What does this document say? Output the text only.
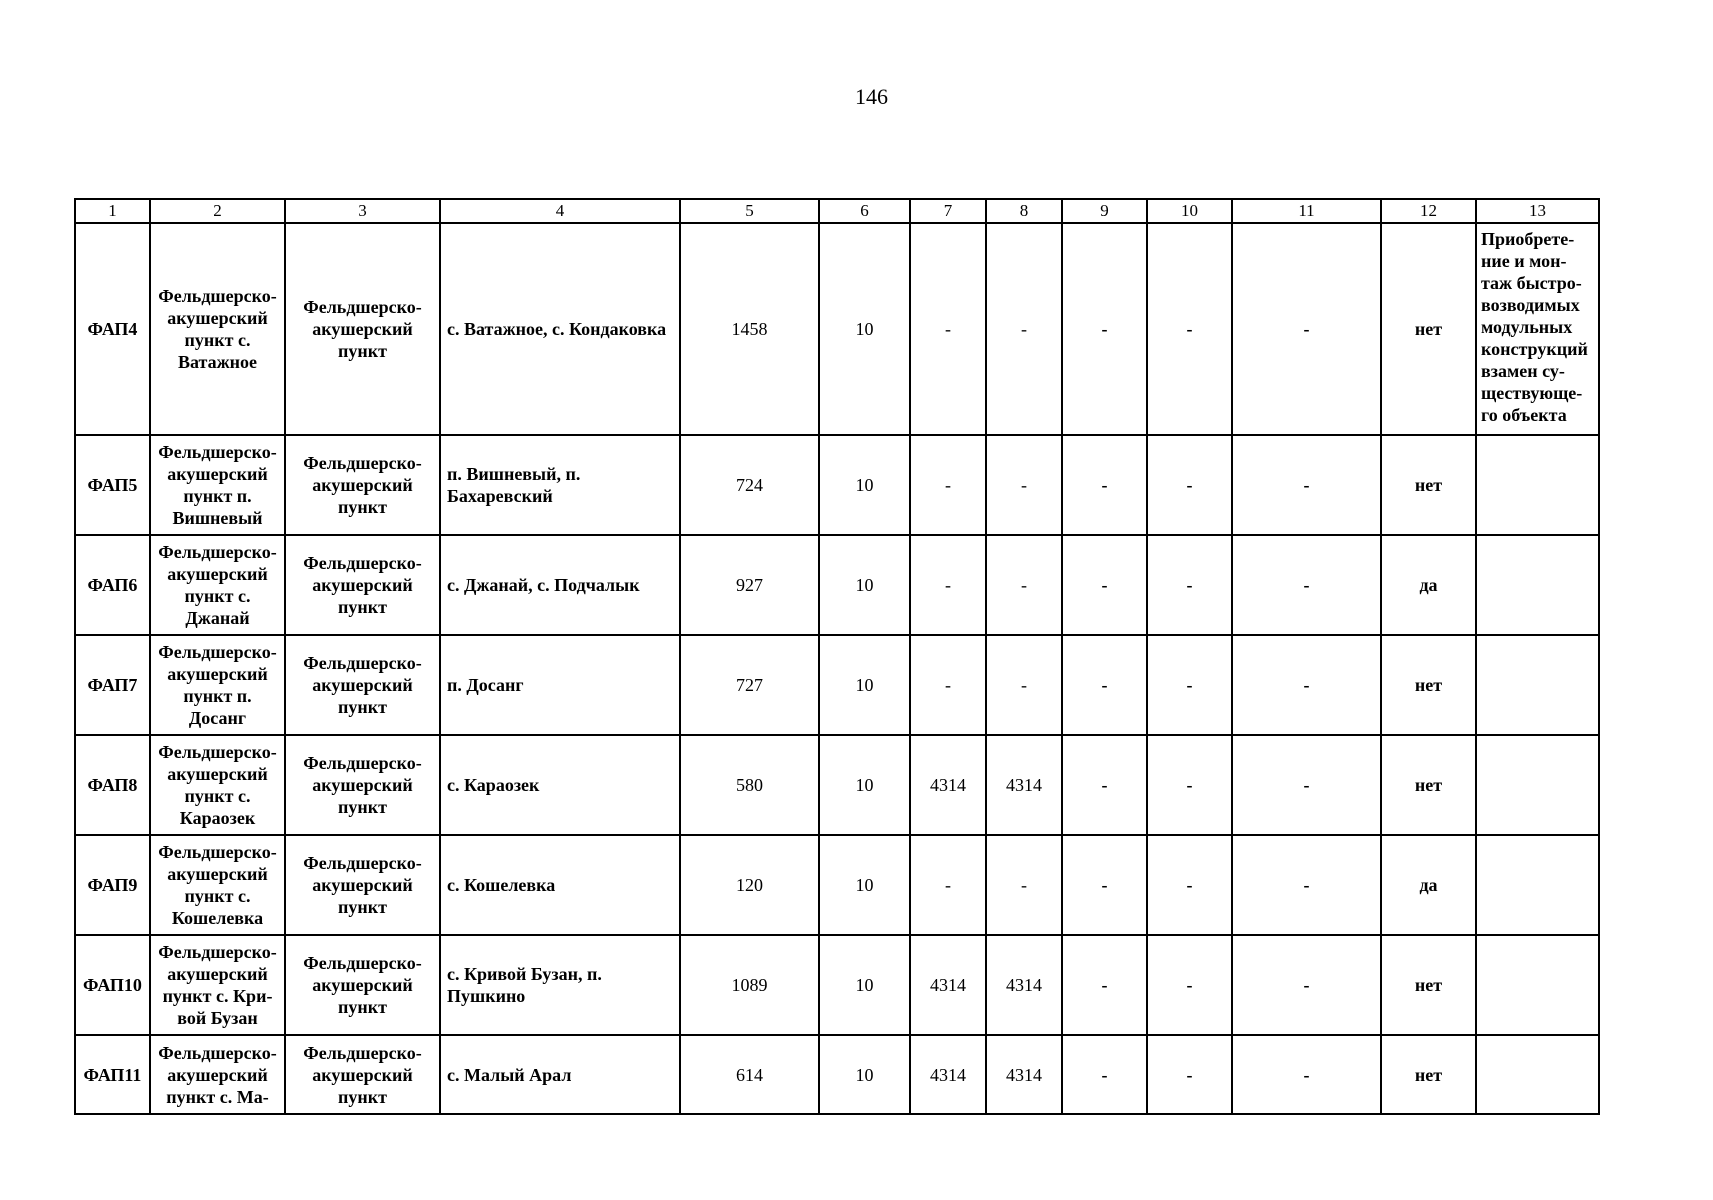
146
1	2	3	4	5	6	7	8	9	10	11	12	13
ФАП4	Фельдшерско-акушерский пункт с. Ватажное	Фельдшерско-акушерский пункт	с. Ватажное, с. Кондаковка	1458	10	-	-	-	-	-	нет	Приобрете-ние и мон-таж быстро-возводимых модульных конструкций взамен су-ществующе-го объекта
ФАП5	Фельдшерско-акушерский пункт п. Вишневый	Фельдшерско-акушерский пункт	п. Вишневый, п. Бахаревский	724	10	-	-	-	-	-	нет	
ФАП6	Фельдшерско-акушерский пункт с. Джанай	Фельдшерско-акушерский пункт	с. Джанай, с. Подчалык	927	10	-	-	-	-	-	да	
ФАП7	Фельдшерско-акушерский пункт п. Досанг	Фельдшерско-акушерский пункт	п. Досанг	727	10	-	-	-	-	-	нет	
ФАП8	Фельдшерско-акушерский пункт с. Караозек	Фельдшерско-акушерский пункт	с. Караозек	580	10	4314	4314	-	-	-	нет	
ФАП9	Фельдшерско-акушерский пункт с. Кошелевка	Фельдшерско-акушерский пункт	с. Кошелевка	120	10	-	-	-	-	-	да	
ФАП10	Фельдшерско-акушерский пункт с. Кри-вой Бузан	Фельдшерско-акушерский пункт	с. Кривой Бузан, п. Пушкино	1089	10	4314	4314	-	-	-	нет	
ФАП11	Фельдшерско-акушерский пункт с. Ма-	Фельдшерско-акушерский пункт	с. Малый Арал	614	10	4314	4314	-	-	-	нет	
